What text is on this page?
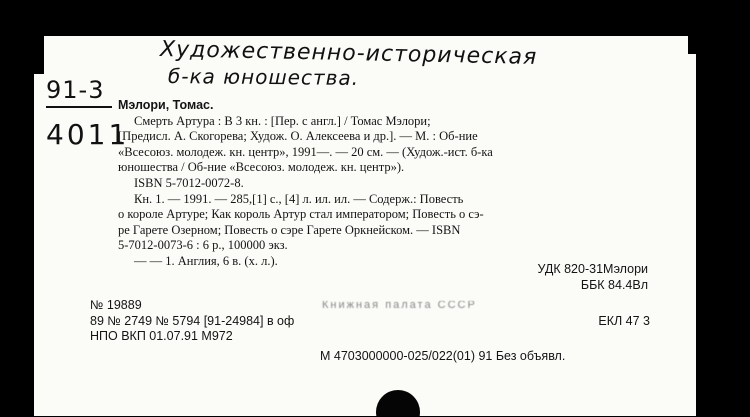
Художественно-историческая
б-ка юношества.
91-3
4011

Мэлори, Томас.

Смерть Артура : В 3 кн. : [Пер. с англ.] / Томас Мэлори;

[Предисл. А. Скогорева; Худож. О. Алексеева и др.]. — М. : Об-ние

«Всесоюз. молодеж. кн. центр», 1991—. — 20 см. — (Худож.-ист. б-ка

юношества / Об-ние «Всесоюз. молодеж. кн. центр»).

ISBN 5-7012-0072-8.

Кн. 1. — 1991. — 285,[1] с., [4] л. ил. ил. — Содерж.: Повесть

о короле Артуре; Как король Артур стал императором; Повесть о сэ-

ре Гарете Озерном; Повесть о сэре Гарете Оркнейском. — ISBN

5-7012-0073-6 : 6 р., 100000 экз.

— — 1. Англия, 6 в. (х. л.).

УДК 820-31Мэлори
ББК 84.4Вл
№ 19889	Книжная палата СССР
89 № 2749 № 5794 [91-24984] в оф	ЕКЛ 47 3
НПО ВКП 01.07.91 М972
М 4703000000-025/022(01) 91 Без объявл.
